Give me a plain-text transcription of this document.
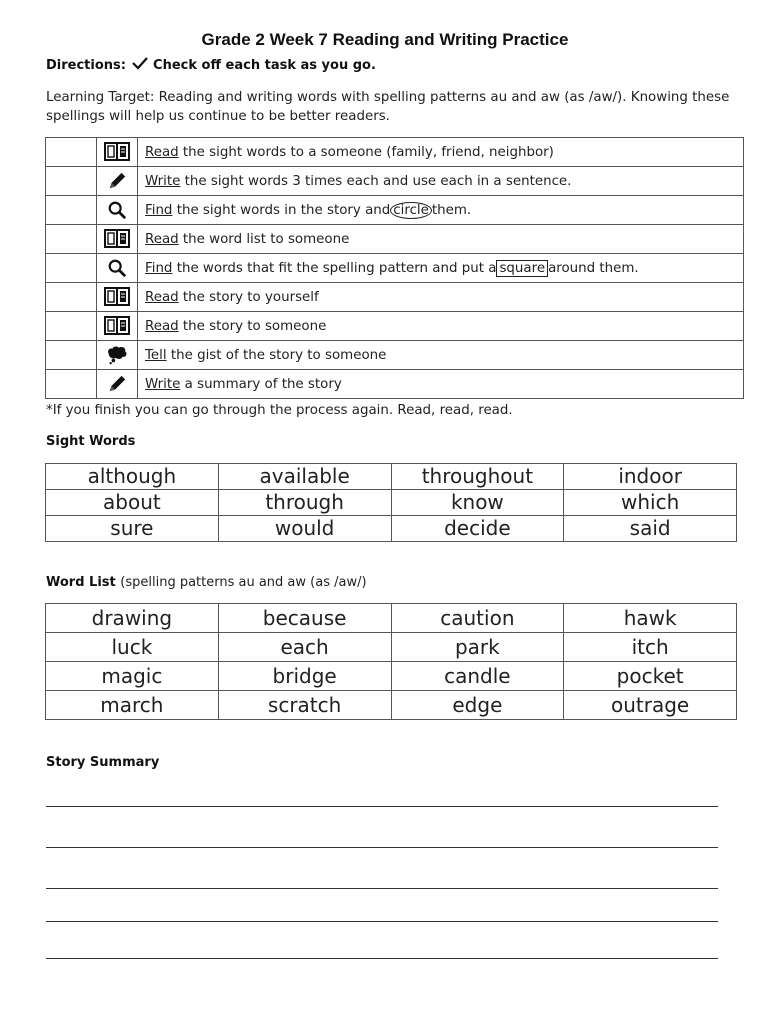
Grade 2 Week 7 Reading and Writing Practice
Directions: Check off each task as you go.
Learning Target: Reading and writing words with spelling patterns au and aw (as /aw/). Knowing these spellings will help us continue to be better readers.
		Read the sight words to a someone (family, friend, neighbor)
		Write the sight words 3 times each and use each in a sentence.
		Find the sight words in the story and circle them.
		Read the word list to someone
		Find the words that fit the spelling pattern and put a square around them.
		Read the story to yourself
		Read the story to someone
		Tell the gist of the story to someone
		Write a summary of the story
*If you finish you can go through the process again. Read, read, read.
Sight Words
although	available	throughout	indoor
about	through	know	which
sure	would	decide	said
Word List (spelling patterns au and aw (as /aw/)
drawing	because	caution	hawk
luck	each	park	itch
magic	bridge	candle	pocket
march	scratch	edge	outrage
Story Summary
